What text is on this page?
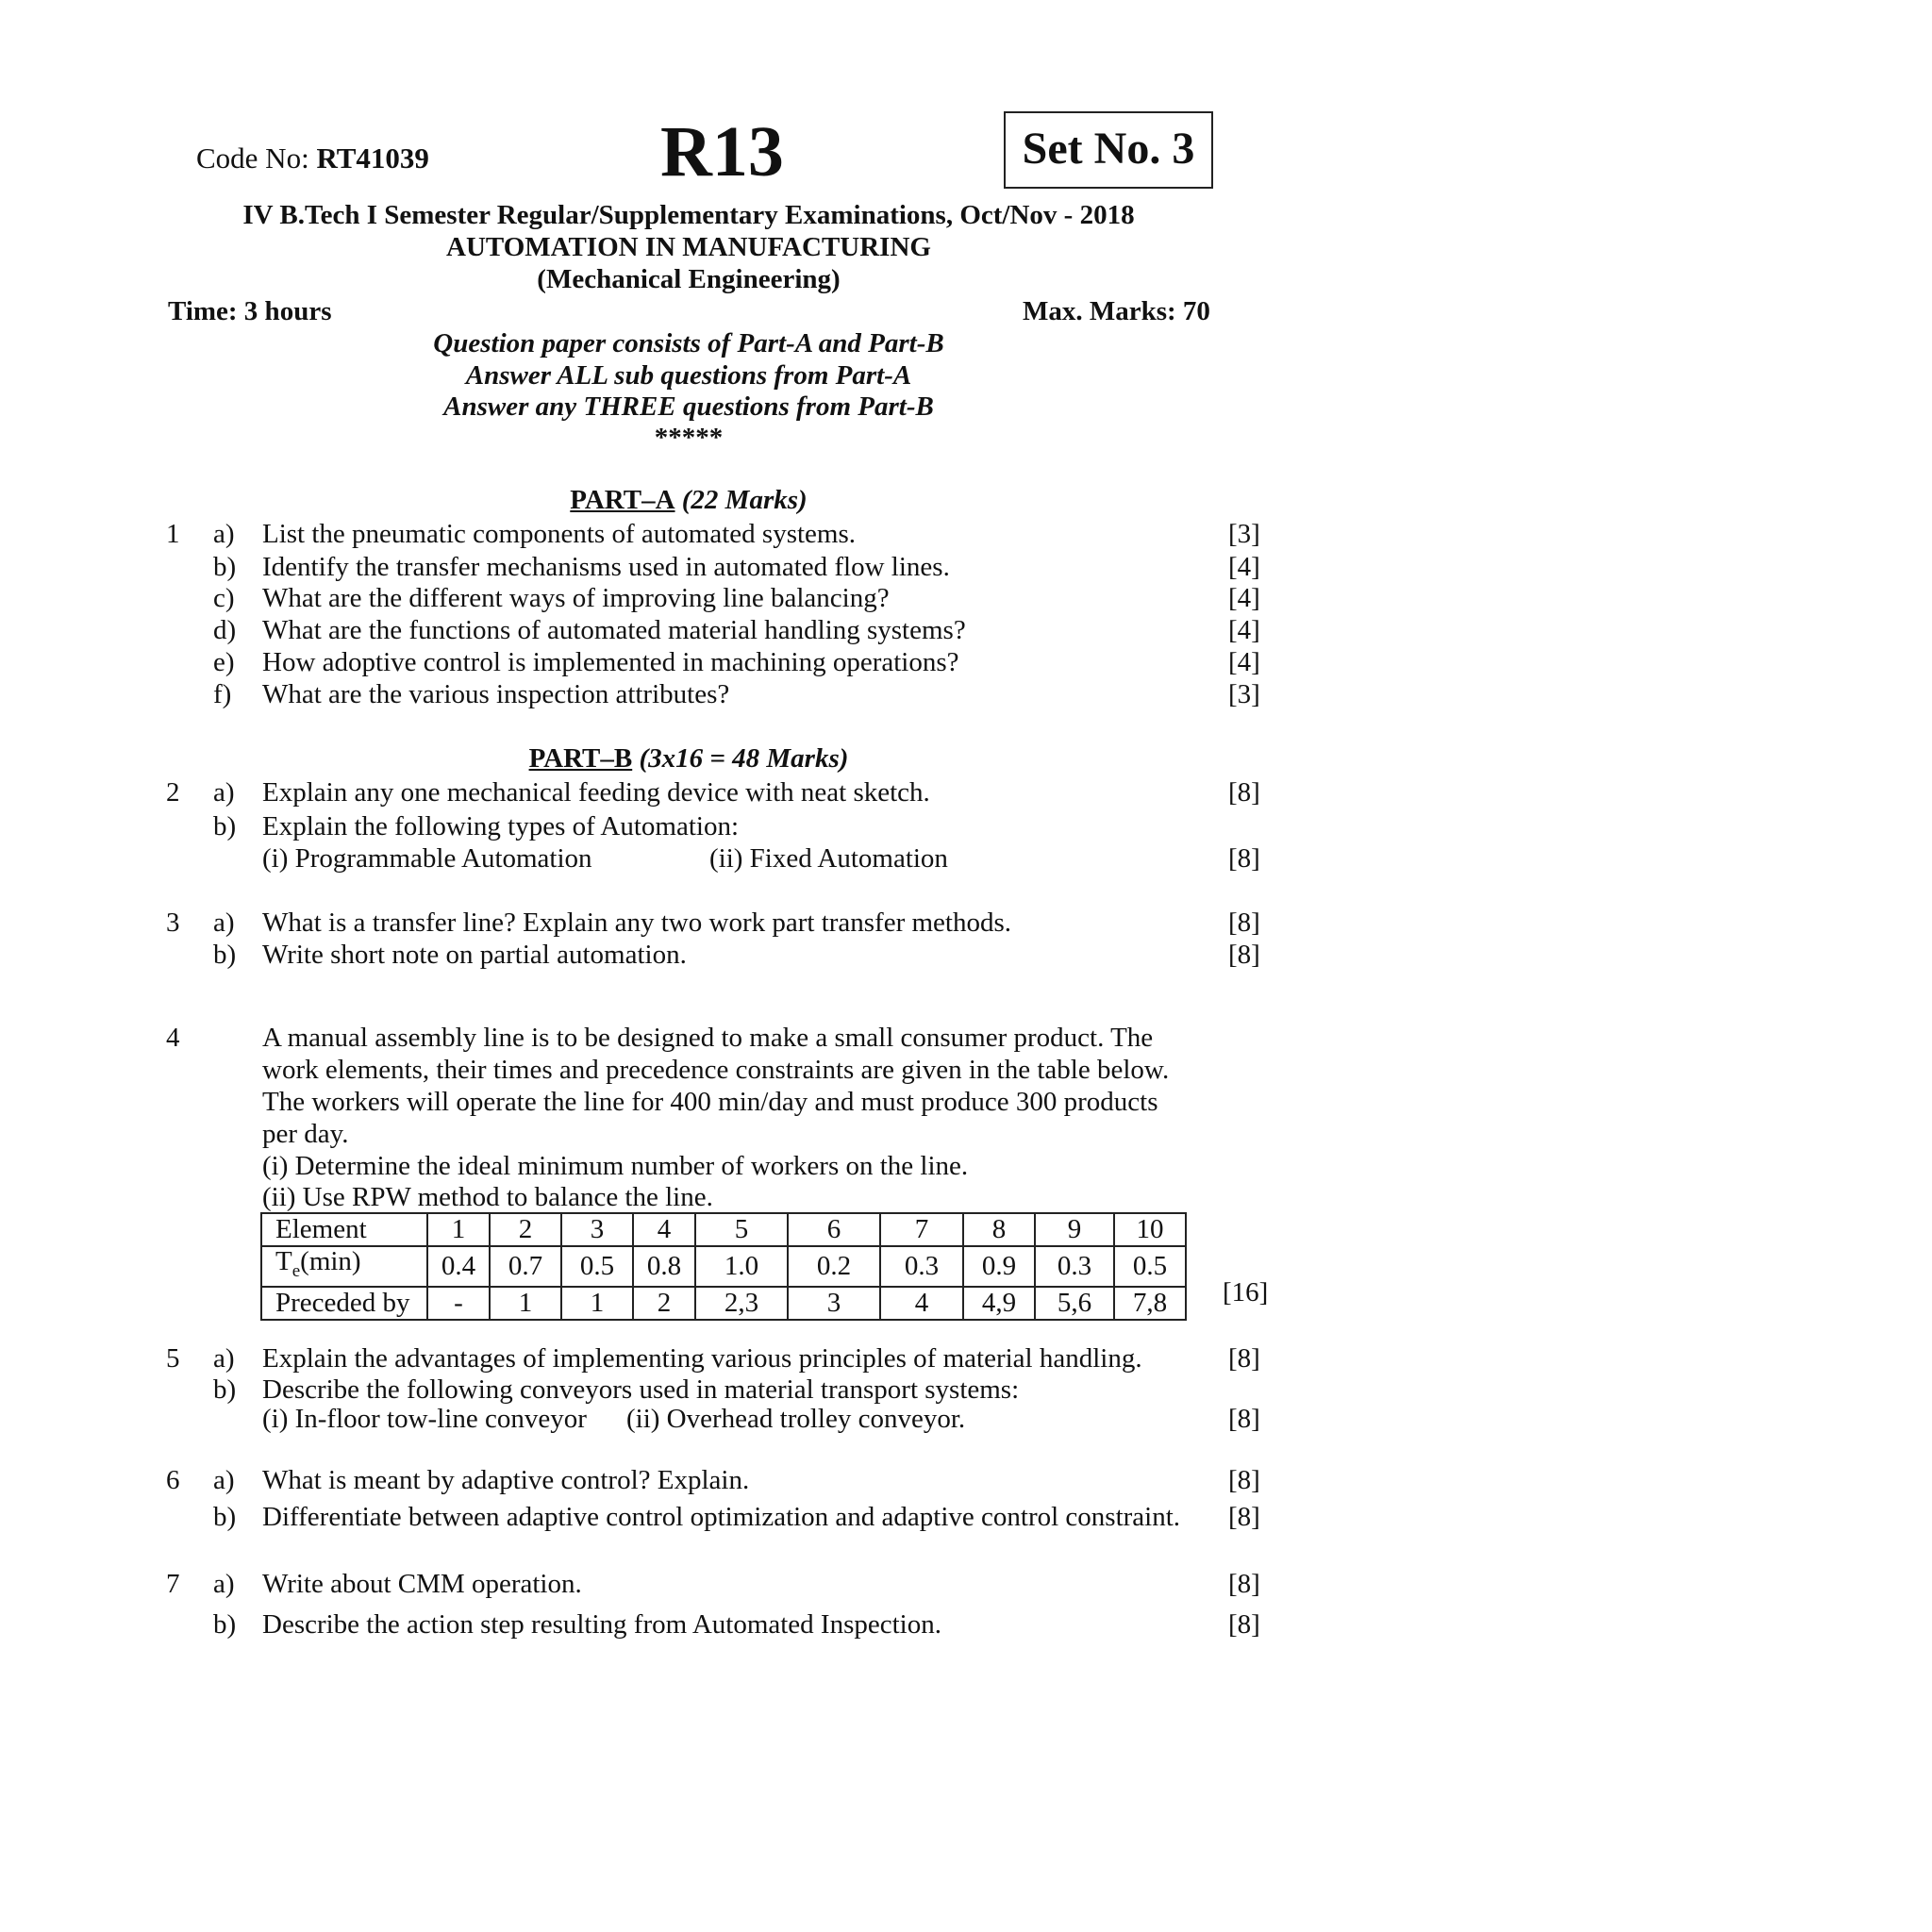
Code No: RT41039	R13	Set No. 3
IV B.Tech I Semester Regular/Supplementary Examinations, Oct/Nov - 2018
AUTOMATION IN MANUFACTURING
(Mechanical Engineering)
Time: 3 hours	Max. Marks: 70
Question paper consists of Part-A and Part-B
Answer ALL sub questions from Part-A
Answer any THREE questions from Part-B
*****
PART–A (22 Marks)
1 a) List the pneumatic components of automated systems.	[3]
b) Identify the transfer mechanisms used in automated flow lines.	[4]
c) What are the different ways of improving line balancing?	[4]
d) What are the functions of automated material handling systems?	[4]
e) How adoptive control is implemented in machining operations?	[4]
f) What are the various inspection attributes?	[3]
PART–B (3x16 = 48 Marks)
2 a) Explain any one mechanical feeding device with neat sketch.	[8]
b) Explain the following types of Automation:
(i) Programmable Automation	(ii) Fixed Automation	[8]
3 a) What is a transfer line? Explain any two work part transfer methods.	[8]
b) Write short note on partial automation.	[8]
4	A manual assembly line is to be designed to make a small consumer product. The
work elements, their times and precedence constraints are given in the table below.
The workers will operate the line for 400 min/day and must produce 300 products
per day.
(i) Determine the ideal minimum number of workers on the line.
(ii) Use RPW method to balance the line.
Element	1	2	3	4	5	6	7	8	9	10
$T_e(\min)$	0.4	0.7	0.5	0.8	1.0	0.2	0.3	0.9	0.3	0.5
Preceded by	-	1	1	2	2,3	3	4	4,9	5,6	7,8 [16]
5 a) Explain the advantages of implementing various principles of material handling.	[8]
b) Describe the following conveyors used in material transport systems:
(i) In-floor tow-line conveyor (ii) Overhead trolley conveyor.	[8]
6 a) What is meant by adaptive control? Explain.	[8]
b) Differentiate between adaptive control optimization and adaptive control constraint. [8]
7 a) Write about CMM operation.	[8]
b) Describe the action step resulting from Automated Inspection.	[8]
